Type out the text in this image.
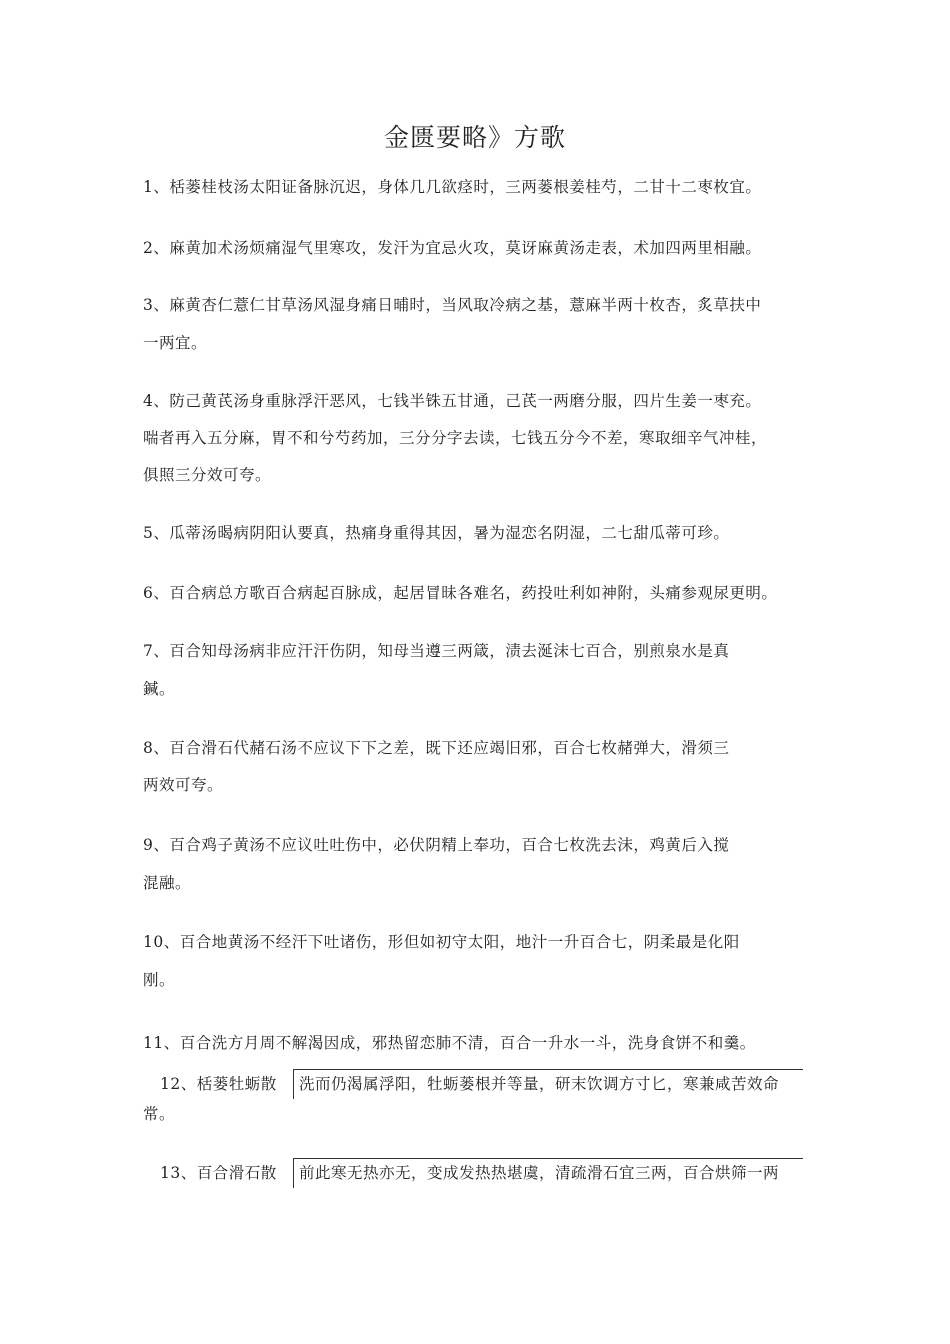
金匮要略》方歌
1、栝蒌桂枝汤太阳证备脉沉迟，身体几几欲痉时，三两蒌根姜桂芍，二甘十二枣枚宜。
2、麻黄加术汤烦痛湿气里寒攻，发汗为宜忌火攻，莫讶麻黄汤走表，术加四两里相融。
3、麻黄杏仁薏仁甘草汤风湿身痛日晡时，当风取冷病之基，薏麻半两十枚杏，炙草扶中
一两宜。
4、防己黄芪汤身重脉浮汗恶风，七钱半铢五甘通，己芪一两磨分服，四片生姜一枣充。
喘者再入五分麻，胃不和兮芍药加，三分分字去读，七钱五分今不差，寒取细辛气冲桂，
俱照三分效可夸。
5、瓜蒂汤暍病阴阳认要真，热痛身重得其因，暑为湿恋名阴湿，二七甜瓜蒂可珍。
6、百合病总方歌百合病起百脉成，起居冒昧各难名，药投吐利如神附，头痛参观尿更明。
7、百合知母汤病非应汗汗伤阴，知母当遵三两箴，渍去涎沫七百合，别煎泉水是真
鍼。
8、百合滑石代赭石汤不应议下下之差，既下还应竭旧邪，百合七枚赭弹大，滑须三
两效可夸。
9、百合鸡子黄汤不应议吐吐伤中，必伏阴精上奉功，百合七枚洗去沫，鸡黄后入搅
混融。
10、百合地黄汤不经汗下吐诸伤，形但如初守太阳，地汁一升百合七，阴柔最是化阳
刚。
11、百合洗方月周不解渴因成，邪热留恋肺不清，百合一升水一斗，洗身食饼不和羹。
12、栝蒌牡蛎散 洗而仍渴属浮阳，牡蛎蒌根并等量，研末饮调方寸匕，寒兼咸苦效命
常。
13、百合滑石散 前此寒无热亦无，变成发热热堪虞，清疏滑石宜三两，百合烘筛一两
